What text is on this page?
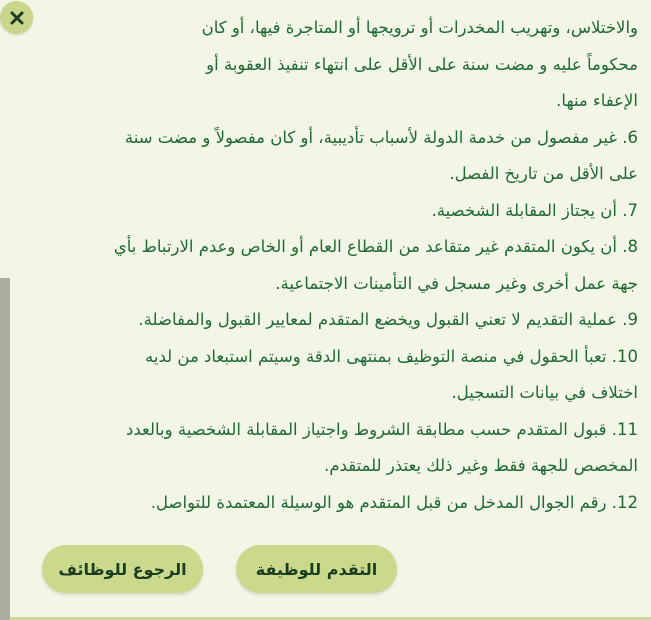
والاختلاس، وتهريب المخدرات أو ترويجها أو المتاجرة فيها، أو كان
محكوماً عليه و مضت سنة على الأقل على انتهاء تنفيذ العقوبة أو
الإعفاء منها.
6. غير مفصول من خدمة الدولة لأسباب تأديبية، أو كان مفصولاً و مضت سنة
على الأقل من تاريخ الفصل.
7. أن يجتاز المقابلة الشخصية.
8. أن يكون المتقدم غير متقاعد من القطاع العام أو الخاص وعدم الارتباط بأي
جهة عمل أخرى وغير مسجل في التأمينات الاجتماعية.
9. عملية التقديم لا تعني القبول ويخضع المتقدم لمعايير القبول والمفاضلة.
10. تعبأ الحقول في منصة التوظيف بمنتهى الدقة وسيتم استبعاد من لديه
اختلاف في بيانات التسجيل.
11. قبول المتقدم حسب مطابقة الشروط واجتياز المقابلة الشخصية وبالعدد
المخصص للجهة فقط وغير ذلك يعتذر للمتقدم.
12. رقم الجوال المدخل من قبل المتقدم هو الوسيلة المعتمدة للتواصل.
الرجوع للوظائف	التقدم للوظيفة
